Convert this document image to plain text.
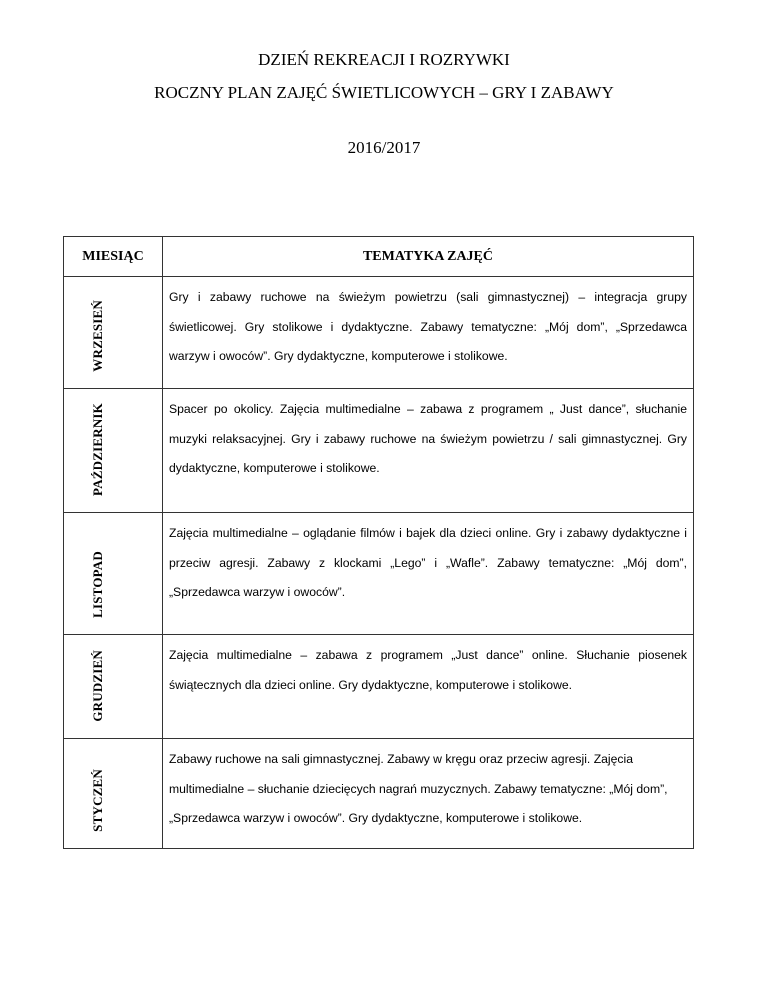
DZIEŃ REKREACJI I ROZRYWKI
ROCZNY PLAN ZAJĘĆ ŚWIETLICOWYCH – GRY I ZABAWY
2016/2017
MIESIĄC	TEMATYKA ZAJĘĆ

WRZESIEŃ	Gry i zabawy ruchowe na świeżym powietrzu (sali gimnastycznej) – integracja grupy świetlicowej. Gry stolikowe i dydaktyczne. Zabawy tematyczne: „Mój dom”, „Sprzedawca warzyw i owoców”. Gry dydaktyczne, komputerowe i stolikowe.

PAŹDZIERNIK	Spacer po okolicy. Zajęcia multimedialne – zabawa z programem „ Just dance”, słuchanie muzyki relaksacyjnej. Gry i zabawy ruchowe na świeżym powietrzu / sali gimnastycznej. Gry dydaktyczne, komputerowe i stolikowe.

LISTOPAD	Zajęcia multimedialne – oglądanie filmów i bajek dla dzieci online. Gry i zabawy dydaktyczne i przeciw agresji. Zabawy z klockami „Lego” i „Wafle”. Zabawy tematyczne: „Mój dom”, „Sprzedawca warzyw i owoców”.

GRUDZIEŃ	Zajęcia multimedialne – zabawa z programem „Just dance” online. Słuchanie piosenek świątecznych dla dzieci online. Gry dydaktyczne, komputerowe i stolikowe.

STYCZEŃ	Zabawy ruchowe na sali gimnastycznej. Zabawy w kręgu oraz przeciw agresji. Zajęcia multimedialne – słuchanie dziecięcych nagrań muzycznych. Zabawy tematyczne: „Mój dom”, „Sprzedawca warzyw i owoców”. Gry dydaktyczne, komputerowe i stolikowe.
